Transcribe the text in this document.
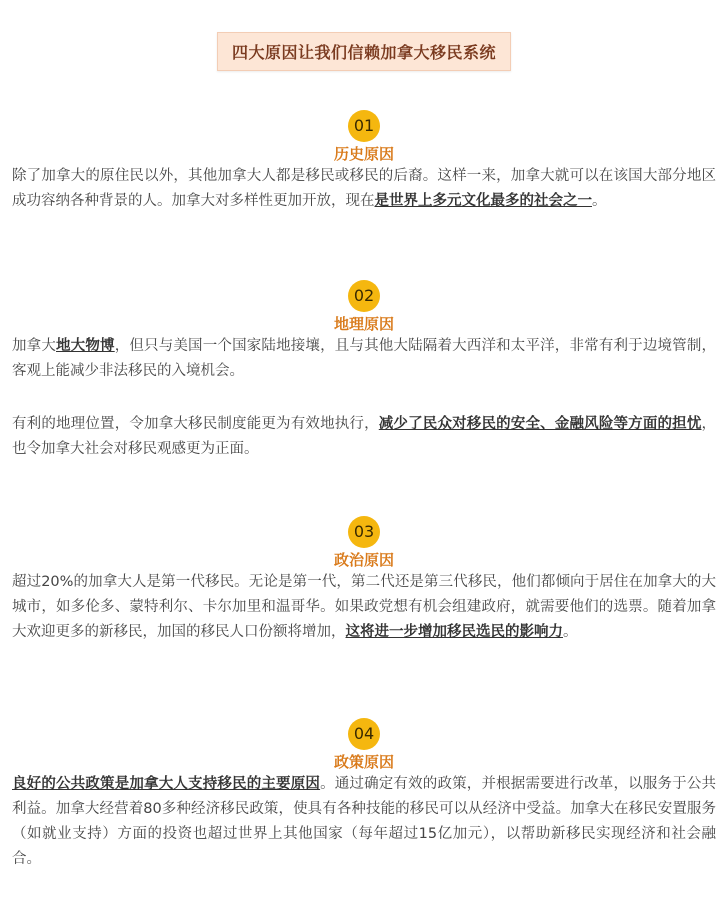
四大原因让我们信赖加拿大移民系统
01
历史原因

除了加拿大的原住民以外，其他加拿大人都是移民或移民的后裔。这样一来，加拿大就可以在该国大部分地区成功容纳各种背景的人。加拿大对多样性更加开放，现在是世界上多元文化最多的社会之一。

02
地理原因

加拿大地大物博，但只与美国一个国家陆地接壤，且与其他大陆隔着大西洋和太平洋，非常有利于边境管制，客观上能减少非法移民的入境机会。

有利的地理位置，令加拿大移民制度能更为有效地执行，减少了民众对移民的安全、金融风险等方面的担忧，也令加拿大社会对移民观感更为正面。

03
政治原因

超过20%的加拿大人是第一代移民。无论是第一代，第二代还是第三代移民，他们都倾向于居住在加拿大的大城市，如多伦多、蒙特利尔、卡尔加里和温哥华。如果政党想有机会组建政府，就需要他们的选票。随着加拿大欢迎更多的新移民，加国的移民人口份额将增加，这将进一步增加移民选民的影响力。

04
政策原因

良好的公共政策是加拿大人支持移民的主要原因。通过确定有效的政策，并根据需要进行改革，以服务于公共利益。加拿大经营着80多种经济移民政策，使具有各种技能的移民可以从经济中受益。加拿大在移民安置服务（如就业支持）方面的投资也超过世界上其他国家（每年超过15亿加元），以帮助新移民实现经济和社会融合。
